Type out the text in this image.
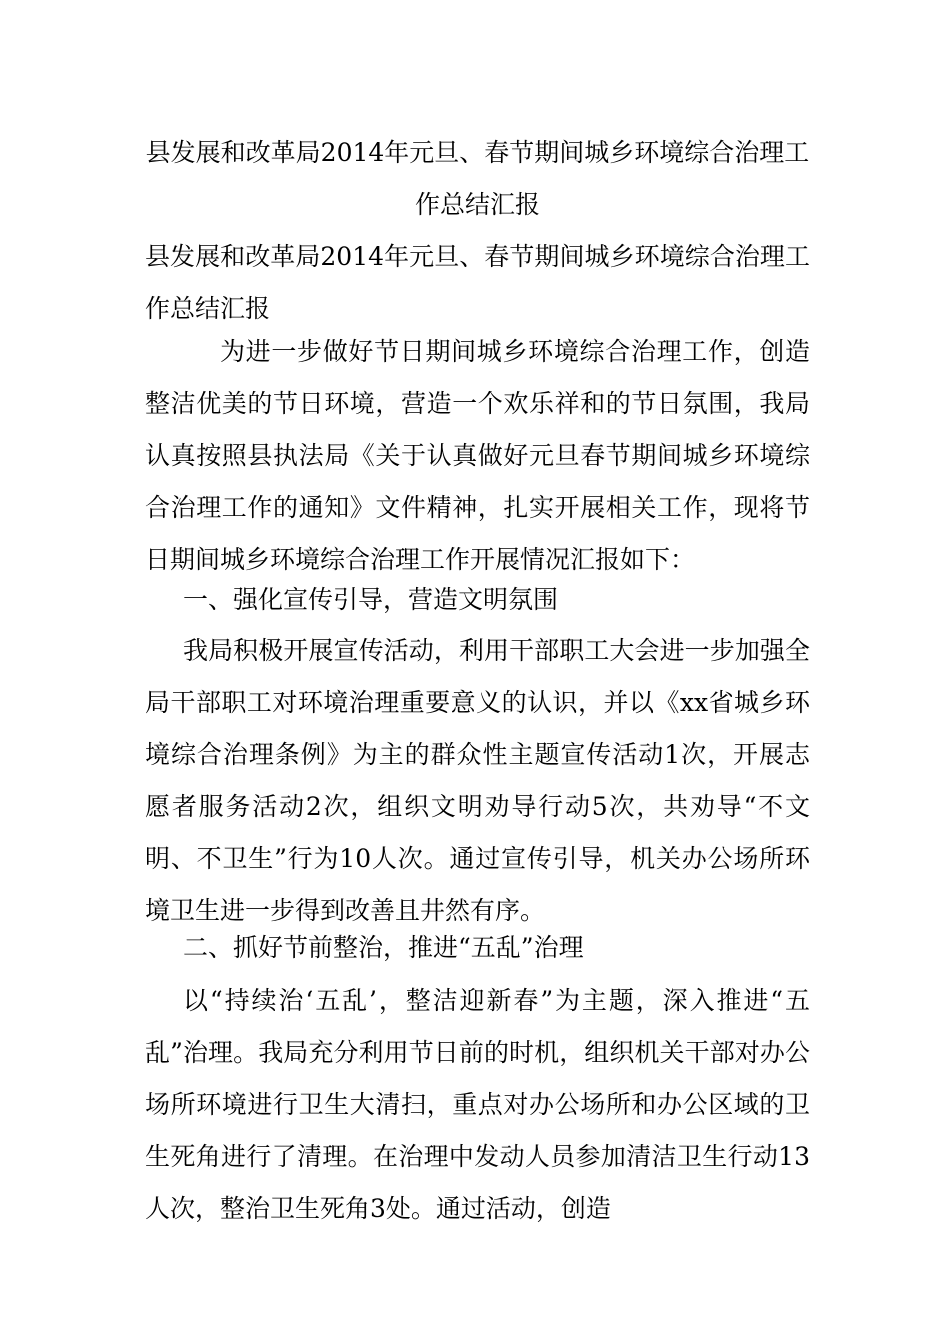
县发展和改革局2014年元旦、春节期间城乡环境综合治理工作总结汇报

县发展和改革局2014年元旦、春节期间城乡环境综合治理工作总结汇报

为进一步做好节日期间城乡环境综合治理工作，创造整洁优美的节日环境，营造一个欢乐祥和的节日氛围，我局认真按照县执法局《关于认真做好元旦春节期间城乡环境综合治理工作的通知》文件精神，扎实开展相关工作，现将节日期间城乡环境综合治理工作开展情况汇报如下：

一、强化宣传引导，营造文明氛围

我局积极开展宣传活动，利用干部职工大会进一步加强全局干部职工对环境治理重要意义的认识，并以《xx省城乡环境综合治理条例》为主的群众性主题宣传活动1次，开展志愿者服务活动2次，组织文明劝导行动5次，共劝导“不文明、不卫生”行为10人次。通过宣传引导，机关办公场所环境卫生进一步得到改善且井然有序。

二、抓好节前整治，推进“五乱”治理

以“持续治‘五乱’，整洁迎新春”为主题，深入推进“五乱”治理。我局充分利用节日前的时机，组织机关干部对办公场所环境进行卫生大清扫，重点对办公场所和办公区域的卫生死角进行了清理。在治理中发动人员参加清洁卫生行动13人次，整治卫生死角3处。通过活动，创造
